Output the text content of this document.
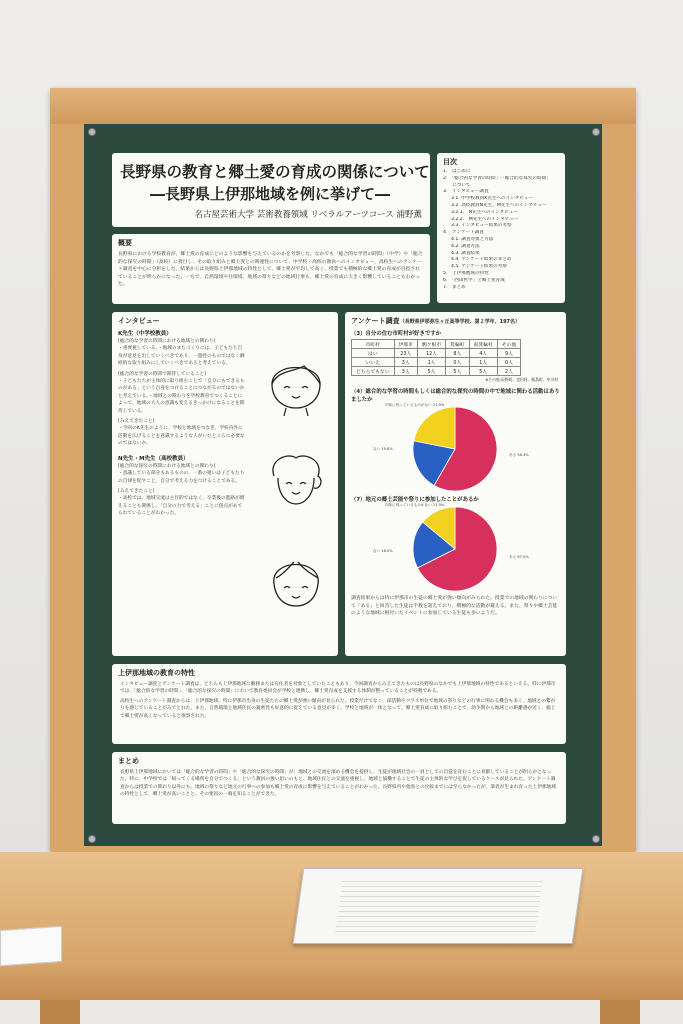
長野県の教育と郷土愛の育成の関係について
―長野県上伊那地域を例に挙げて―
名古屋芸術大学 芸術教養領域 リベラルアーツコース 浦野薫
目次
1.　はじめに
2.　「総合的な学習の時間」・「総合的な探究の時間」
　　について
3.　インタビュー調査
3.1. 中学校教員K先生へのインタビュー
3.2. 高校教員N先生、M先生へのインタビュー
3.2.1.　N先生へのインタビュー
3.2.2.　M先生へのインタビュー
3.3. インタビュー結果の考察
4.　アンケート調査
4.1. 調査対象と方法
4.2. 調査方法
4.3. 調査結果
4.4. アンケート結果のまとめ
4.5. アンケート結果の考察
5.　上伊那地域の特性
6.　「西田哲学」と郷土愛育成
7.　まとめ
概要
長野県における学校教育が、郷土愛の育成にどのような影響を与えているのかを考察した。なかでも「総合的な学習の時間」（中学）や「総合的な探究の時間」（高校）に着目し、その取り組みと郷土愛との関連性について、中学校・高校の教員へのインタビュー、高校生へのアンケート調査を中心に分析をした。結果からは長野県上伊那地域の特性として、郷土愛が平均して高く、授業でも積極的な郷土愛の育成が目指されていることが明らかになった。一方で、自然環境や住環境、地域の祭りなどの地域行事も、郷土愛の育成に大きく影響していることもわかった。
インタビュー
K先生（中学校教員）
[総合的な学習の時間における地域との関わり]
・重要視している。・地域のまちづくりには、子どもたち自身が意見を出していくべきであり、一過性のものではなく継続的な取り組みにしていくべきであると考えている。
[総合的な学習の時間で期待していること]
・子どもたちが主体的に取り組むことで「自分にもできるものがある」という自身をつけることにつながるのではないかと考えている。・地域との関わりを学校教育でつくることによって、地域の大人の意識も変えるきっかけになることを期待している。
[みえてきたこと]
・今回のK先生のように、学校と地域をつなぎ、学校内外に活動を広げることを意識するような人がいたところに必要なのではないか。
N先生・M先生（高校教員）
[総合的な探究の時間における地域との関わり]
・意識している部分もあるものの、一番の狙いは子どもたちの自律を促すこと、自分で考える力をつけることである。
[みえてきたこと]
・高校では、地域交流は主目的ではなく、卒業後の進路が増えることも関係し、「自分の力で考える」ことに焦点があてられていることがわかった。
アンケート調査（長野県伊那弥生ヶ丘高等学校、第２学年、197名）
（3）自分の住む市町村が好きですか
市町村	伊那市	駒ケ根市	箕輪町	南箕輪村	その他
はい	23人	12人	8人	4人	9人
いいえ	3人	1人	0人	1人	0人
どちらでもない	3人	5人	5人	5人	2人
※その他:辰野町、宮田村、飯島町、中川村
（4）総合的な学習の時間もしくは総合的な探究の時間の中で地域に関わる活動はありましたか
印象に残っているものがない 21.9%
ない 19.8%
ある 58.3%
（7）地元の郷土芸能や祭りに参加したことがあるか
印象に残っているものがない 13.9%
ない 18.5%
ある 67.5%
調査結果からは特に伊那市の生徒の郷土愛が強い傾向がみられた。授業での地域の関わりについて「ある」と回答した生徒は半数を超えており、積極的な活動が窺える。また、祭りや郷土芸能のような地域に根付いたイベントに参加している生徒も多いようだ。
上伊那地域の教育の特性
インタビュー調査とアンケート調査は、どちらも上伊那地域に勤務または在住者を対象としていたこともあり、今回調査からみえてきたものは長野県のなかでも上伊那地域の特性であるといえる。特に伊那市では、「総合的な学習の時間」、「総合的な探究の時間」において教育委員会が学校と連携し、郷土愛育成を支援する体制が整っていることが特徴である。
高校生へのアンケート調査からは、上伊那地域、特に伊那市出身の生徒たちの郷土愛が強い傾向が見られた。授業だけでなく、部活動やクラス単位で地域の祭りなどの行事に関わる機会も多く、地域との繋がりを感じていることがみてとれた。また、自然環境と地域住民の親密性も好意的に捉えている意見が多く、学校と地域が一体となって、郷土愛育成に取り組むことで、幼少期から地域との距離感が近く、総じて郷土愛が高くなっていると推察された。
まとめ
長野県上伊那地域においては「総合的な学習の時間」や「総合的な探究の時間」が、地域との交流を深める機会を提供し、生徒が地域社会の一員としての自覚を育むことに貢献していることが明らかとなった。特に、中学校では「帰ってくる場所を自分でつくる」という教員の強い思いのもと、地域住民との交流を重視し、地域と協働することで生徒の主体的な学びを促しているケースが見られた。アンケート調査からは授業での関わり以外にも、地域の祭りなど地元の行事への参加も郷土愛の育成に影響を与えていることがわかった。長野県内や他県との比較までには至らなかったが、筆者が生まれ育った上伊那地域の特性として、郷土愛が高いことと、その要因の一端を知ることができた。
